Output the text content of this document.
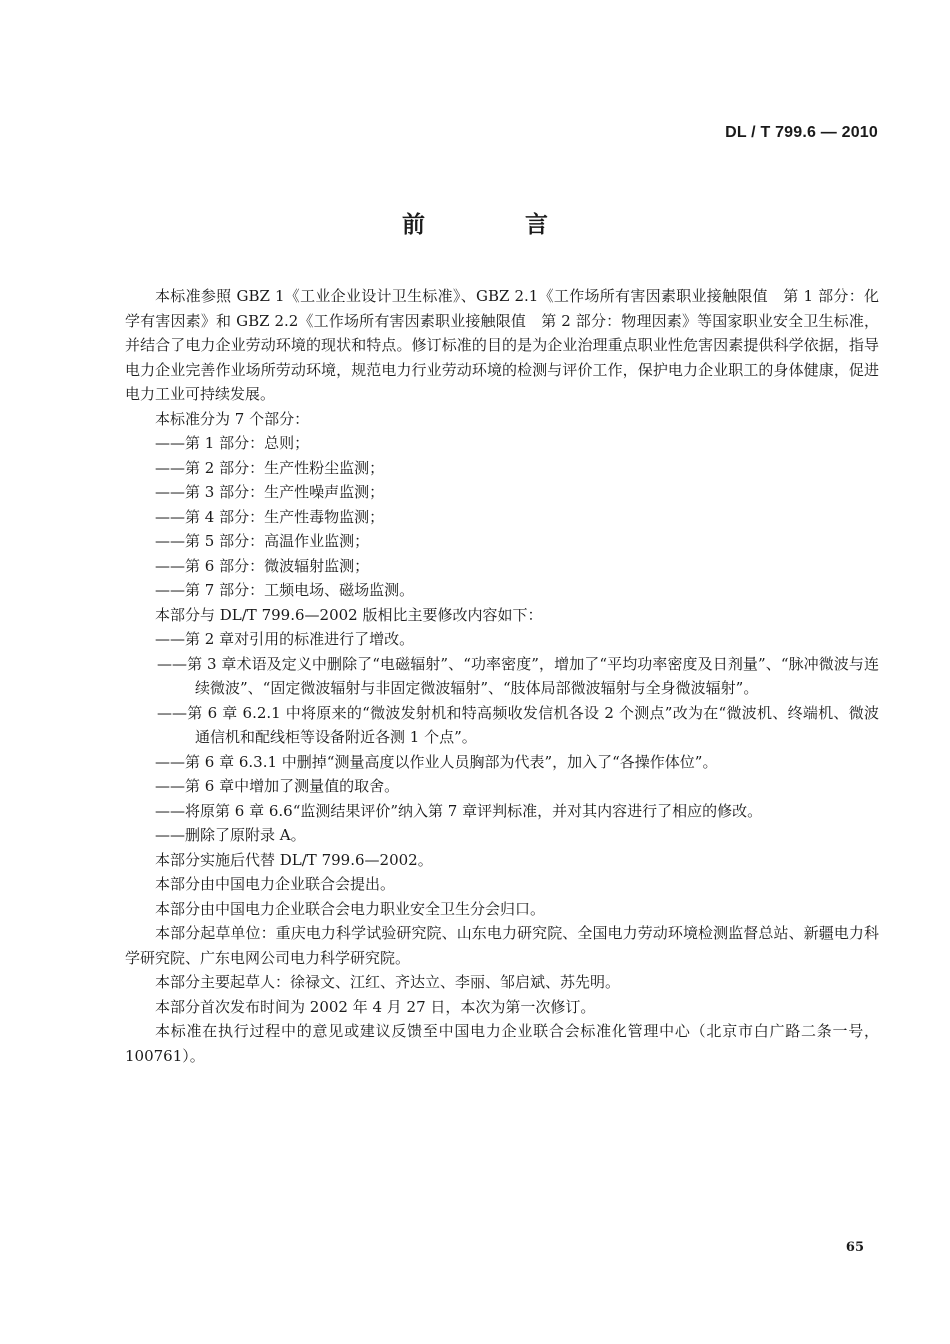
DL / T 799.6 — 2010
前 言

本标准参照 GBZ 1《工业企业设计卫生标准》、GBZ 2.1《工作场所有害因素职业接触限值　第 1 部分：化学有害因素》和 GBZ 2.2《工作场所有害因素职业接触限值　第 2 部分：物理因素》等国家职业安全卫生标准，并结合了电力企业劳动环境的现状和特点。修订标准的目的是为企业治理重点职业性危害因素提供科学依据，指导电力企业完善作业场所劳动环境，规范电力行业劳动环境的检测与评价工作，保护电力企业职工的身体健康，促进电力工业可持续发展。

本标准分为 7 个部分：

——第 1 部分：总则；

——第 2 部分：生产性粉尘监测；

——第 3 部分：生产性噪声监测；

——第 4 部分：生产性毒物监测；

——第 5 部分：高温作业监测；

——第 6 部分：微波辐射监测；

——第 7 部分：工频电场、磁场监测。

本部分与 DL/T 799.6—2002 版相比主要修改内容如下：

——第 2 章对引用的标准进行了增改。

——第 3 章术语及定义中删除了“电磁辐射”、“功率密度”，增加了“平均功率密度及日剂量”、“脉冲微波与连续微波”、“固定微波辐射与非固定微波辐射”、“肢体局部微波辐射与全身微波辐射”。

——第 6 章 6.2.1 中将原来的“微波发射机和特高频收发信机各设 2 个测点”改为在“微波机、终端机、微波通信机和配线柜等设备附近各测 1 个点”。

——第 6 章 6.3.1 中删掉“测量高度以作业人员胸部为代表”，加入了“各操作体位”。

——第 6 章中增加了测量值的取舍。

——将原第 6 章 6.6“监测结果评价”纳入第 7 章评判标准，并对其内容进行了相应的修改。

——删除了原附录 A。

本部分实施后代替 DL/T 799.6—2002。

本部分由中国电力企业联合会提出。

本部分由中国电力企业联合会电力职业安全卫生分会归口。

本部分起草单位：重庆电力科学试验研究院、山东电力研究院、全国电力劳动环境检测监督总站、新疆电力科学研究院、广东电网公司电力科学研究院。

本部分主要起草人：徐禄文、江红、齐达立、李丽、邹启斌、苏先明。

本部分首次发布时间为 2002 年 4 月 27 日，本次为第一次修订。

本标准在执行过程中的意见或建议反馈至中国电力企业联合会标准化管理中心（北京市白广路二条一号，100761）。

65
